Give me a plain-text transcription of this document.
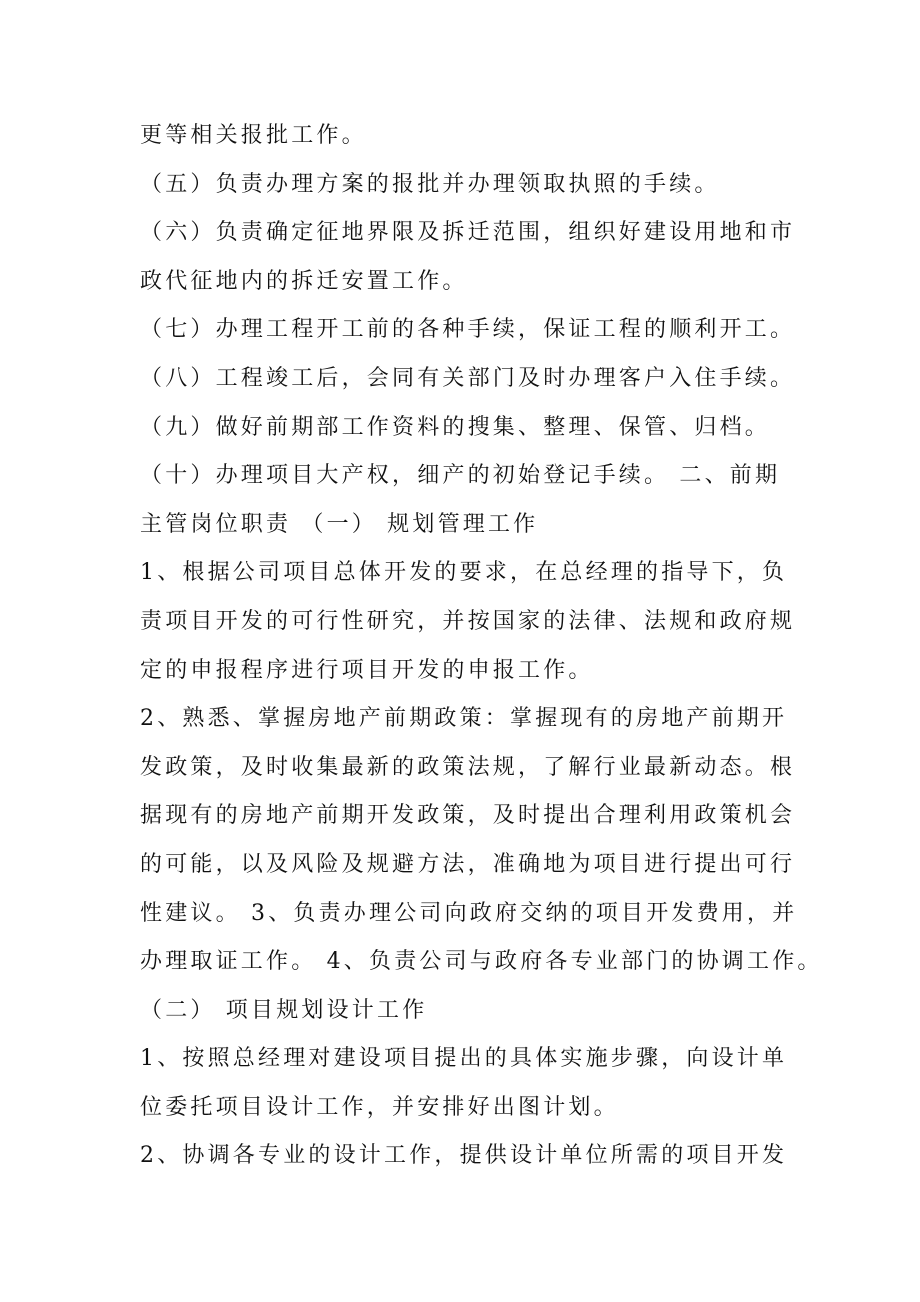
更等相关报批工作。
（五）负责办理方案的报批并办理领取执照的手续。
（六）负责确定征地界限及拆迁范围，组织好建设用地和市
政代征地内的拆迁安置工作。
（七）办理工程开工前的各种手续，保证工程的顺利开工。
（八）工程竣工后，会同有关部门及时办理客户入住手续。
（九）做好前期部工作资料的搜集、整理、保管、归档。
（十）办理项目大产权，细产的初始登记手续。 二、前期
主管岗位职责 （一） 规划管理工作
1、根据公司项目总体开发的要求，在总经理的指导下，负
责项目开发的可行性研究，并按国家的法律、法规和政府规
定的申报程序进行项目开发的申报工作。
2、熟悉、掌握房地产前期政策：掌握现有的房地产前期开
发政策，及时收集最新的政策法规，了解行业最新动态。根
据现有的房地产前期开发政策，及时提出合理利用政策机会
的可能，以及风险及规避方法，准确地为项目进行提出可行
性建议。 3、负责办理公司向政府交纳的项目开发费用，并
办理取证工作。 4、负责公司与政府各专业部门的协调工作。
（二） 项目规划设计工作
1、按照总经理对建设项目提出的具体实施步骤，向设计单
位委托项目设计工作，并安排好出图计划。
2、协调各专业的设计工作，提供设计单位所需的项目开发
